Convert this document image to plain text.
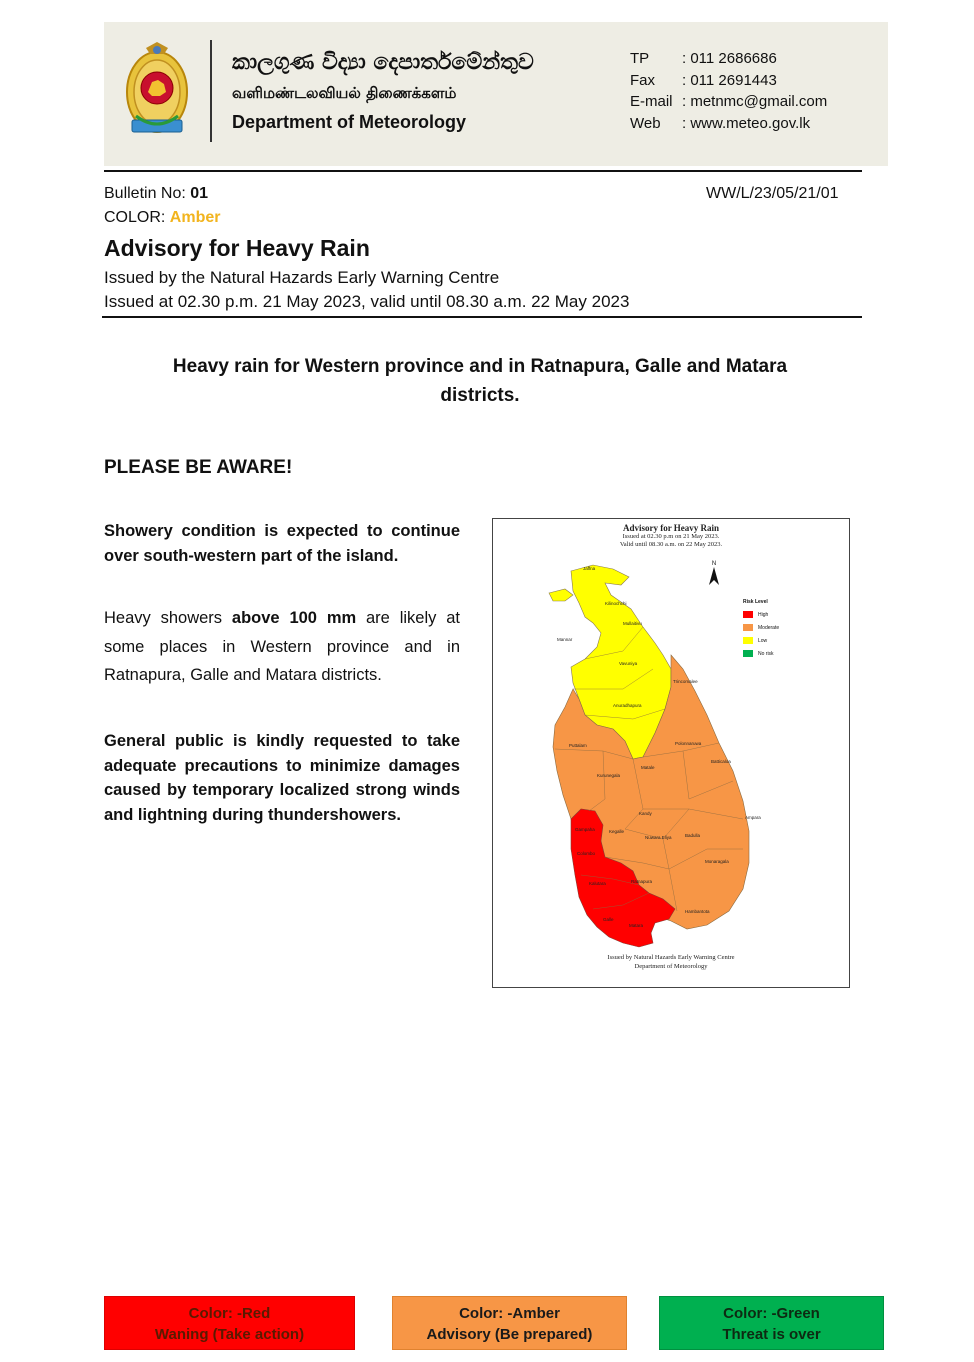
කාලගුණ විද්‍යා දෙපාර්තමේන්තුව
வளிமண்டலவியல் திணைக்களம்
Department of Meteorology
TP	: 011 2686686
Fax	: 011 2691443
E-mail : metnmc@gmail.com
Web	: www.meteo.gov.lk
Bulletin No: 01
COLOR: Amber
WW/L/23/05/21/01
Advisory for Heavy Rain
Issued by the Natural Hazards Early Warning Centre
Issued at 02.30 p.m. 21 May 2023, valid until 08.30 a.m. 22 May 2023
Heavy rain for Western province and in Ratnapura, Galle and Matara districts.
PLEASE BE AWARE!
Showery condition is expected to continue over south-western part of the island.
Heavy showers above 100 mm are likely at some places in Western province and in Ratnapura, Galle and Matara districts.
General public is kindly requested to take adequate precautions to minimize damages caused by temporary localized strong winds and lightning during thundershowers.
Advisory for Heavy Rain
Issued at 02.30 p.m on 21 May 2023.
Valid until 08.30 a.m. on 22 May 2023.
N
Jaffna
Kilinochchi
Mullaitivu
Mannar
Vavuniya
Trincomalee
Anuradhapura
Puttalam	Polonnaruwa
Batticaloa
Kurunegala
Matale
Kandy
Ampara
Gampaha	Kegalle
Nuwara Eliya	Badulla
Colombo
Monaragala
Kalutara	Ratnapura
Hambantota
Galle
Matara
Risk Level
High
Moderate
Low
No risk
Issued by Natural Hazards Early Warning Centre
Department of Meteorology
Color: -Red
Waning (Take action)
Color: -Amber
Advisory (Be prepared)
Color: -Green
Threat is over
